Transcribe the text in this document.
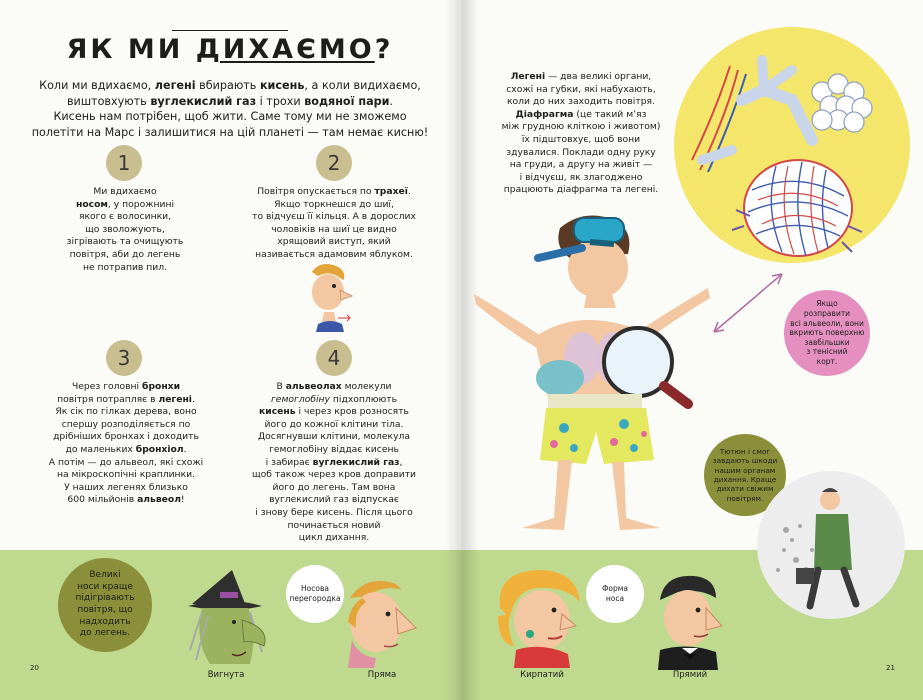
ЯК МИ ДИХАЄМО?
Коли ми вдихаємо, легені вбирають кисень, а коли видихаємо,
виштовхують вуглекислий газ і трохи водяної пари.
Кисень нам потрібен, щоб жити. Саме тому ми не зможемо
полетіти на Марс і залишитися на цій планеті — там немає кисню!
1
Ми вдихаємо
носом, у порожнині
якого є волосинки,
що зволожують,
зігрівають та очищують
повітря, аби до легень
не потрапив пил.
2
Повітря опускається по трахеї.
Якщо торкнешся до шиї,
то відчуєш її кільця. А в дорослих
чоловіків на шиї це видно
хрящовий виступ, який
називається адамовим яблуком.
3
Через головні бронхи
повітря потрапляє в легені.
Як сік по гілках дерева, воно
спершу розподіляється по
дрібніших бронхах і доходить
до маленьких бронхіол.
А потім — до альвеол, які схожі
на мікроскопічні краплинки.
У наших легенях близько
600 мільйонів альвеол!
4
В альвеолах молекули
гемоглобіну підхоплюють
кисень і через кров розносять
його до кожної клітини тіла.
Досягнувши клітини, молекула
гемоглобіну віддає кисень
і забирає вуглекислий газ,
щоб також через кров доправити
його до легень. Там вона
вуглекислий газ відпускає
і знову бере кисень. Після цього
починається новий
цикл дихання.
Великі
носи краще
підігрівають
повітря, що
надходить
до легень.
Носова
перегородка
Вигнута	Пряма
20
Легені — два великі органи,
схожі на губки, які набухають,
коли до них заходить повітря.
Діафрагма (це такий м’яз
між грудною кліткою і животом)
їх підштовхує, щоб вони
здувалися. Поклади одну руку
на груди, а другу на живіт —
і відчуєш, як злагоджено
працюють діафрагма та легені.
Якщо
розправити
всі альвеоли, вони
вкриють поверхню
завбільшки
з тенісний
корт.
Тютюн і смог
завдають шкоди
нашим органам
дихання. Краще
дихати свіжим
повітрям.
Форма
носа
Кирпатий	Прямий
21
